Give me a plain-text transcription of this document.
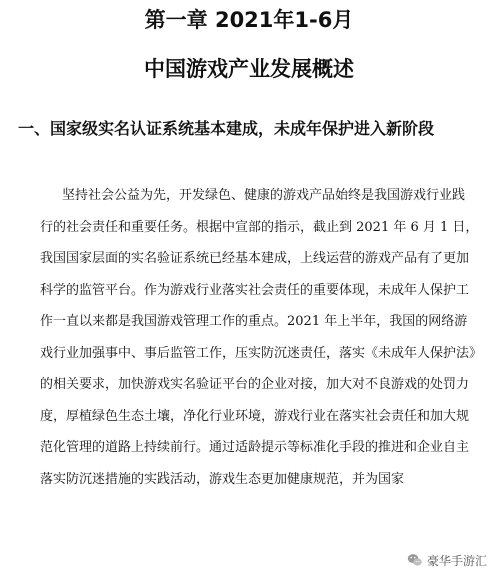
第一章 2021年1-6月
中国游戏产业发展概述
一、国家级实名认证系统基本建成，未成年保护进入新阶段
坚持社会公益为先，开发绿色、健康的游戏产品始终是我国游戏行业践
行的社会责任和重要任务。根据中宣部的指示，截止到 2021 年 6 月 1 日，
我国国家层面的实名验证系统已经基本建成，上线运营的游戏产品有了更加
科学的监管平台。作为游戏行业落实社会责任的重要体现，未成年人保护工
作一直以来都是我国游戏管理工作的重点。2021 年上半年，我国的网络游
戏行业加强事中、事后监管工作，压实防沉迷责任，落实《未成年人保护法》
的相关要求，加快游戏实名验证平台的企业对接，加大对不良游戏的处罚力
度，厚植绿色生态土壤，净化行业环境，游戏行业在落实社会责任和加大规
范化管理的道路上持续前行。通过适龄提示等标准化手段的推进和企业自主
落实防沉迷措施的实践活动，游戏生态更加健康规范，并为国家
豪华手游汇
